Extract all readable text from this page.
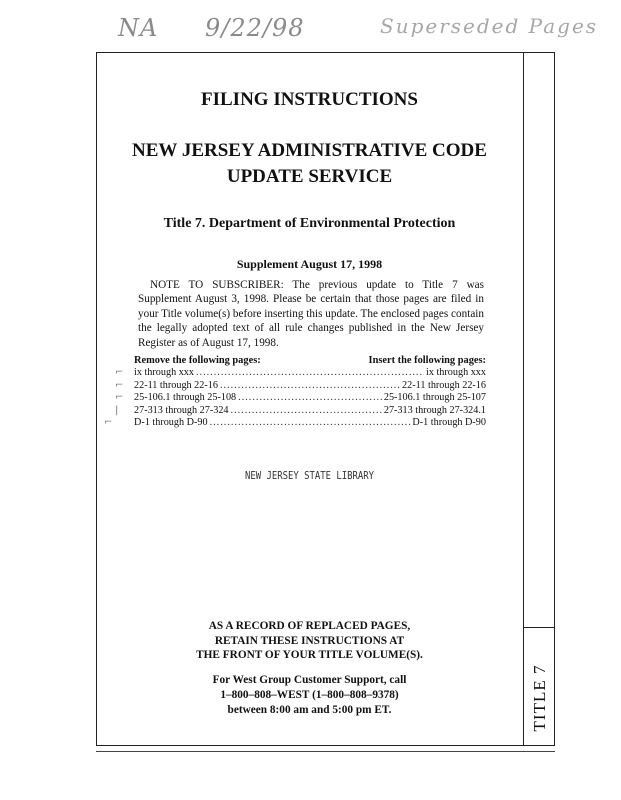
NA 9/22/98	Superseded Pages
TITLE 7
FILING INSTRUCTIONS
NEW JERSEY ADMINISTRATIVE CODE
UPDATE SERVICE
Title 7. Department of Environmental Protection
Supplement August 17, 1998

NOTE TO SUBSCRIBER: The previous update to Title 7 was Supplement August 3, 1998. Please be certain that those pages are filed in your Title volume(s) before inserting this update. The enclosed pages contain the legally adopted text of all rule changes published in the New Jersey Register as of August 17, 1998.

⌐
⌐
⌐
|
⌐
Remove the following pages:	Insert the following pages:
ix through xxx .....	ix through xxx
22-11 through 22-16 .....	22-11 through 22-16
25-106.1 through 25-108 .....	25-106.1 through 25-107
27-313 through 27-324 .....	27-313 through 27-324.1
D-1 through D-90 .....	D-1 through D-90
NEW JERSEY STATE LIBRARY
AS A RECORD OF REPLACED PAGES,
RETAIN THESE INSTRUCTIONS AT
THE FRONT OF YOUR TITLE VOLUME(S).
For West Group Customer Support, call
1–800–808–WEST (1–800–808–9378)
between 8:00 am and 5:00 pm ET.
